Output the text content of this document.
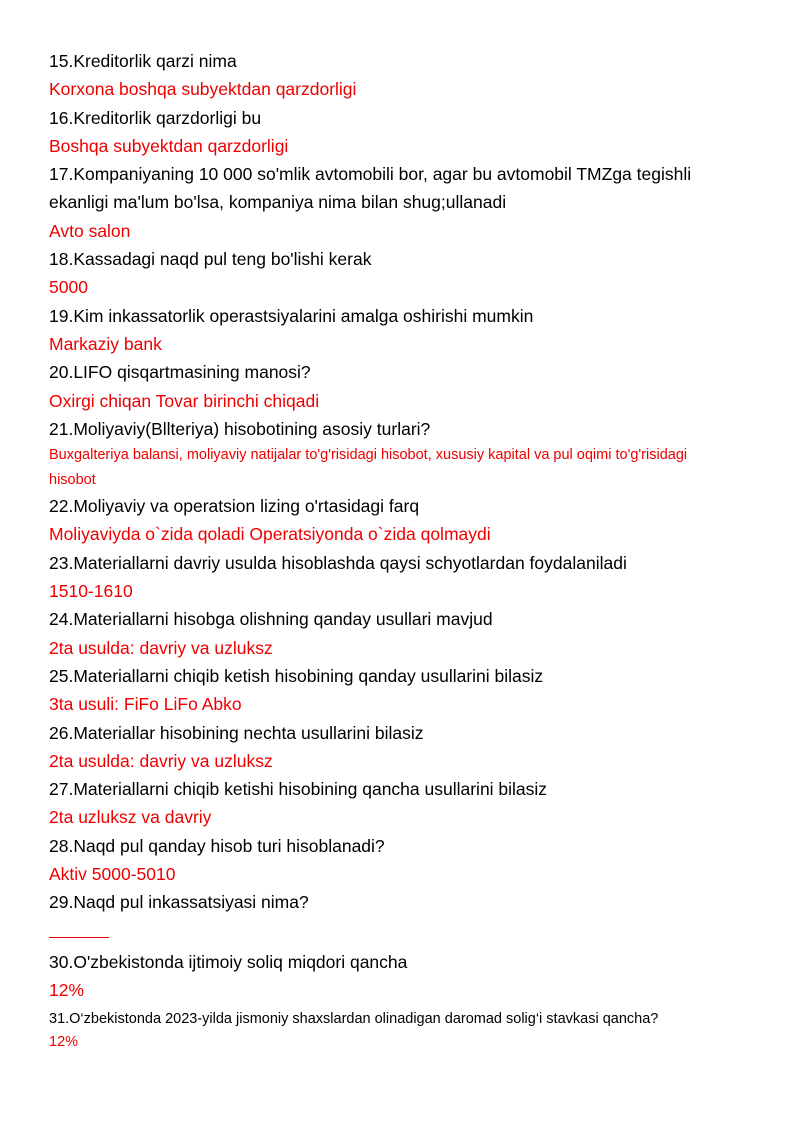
15.Kreditorlik qarzi nima
Korxona boshqa subyektdan qarzdorligi
16.Kreditorlik qarzdorligi bu
Boshqa subyektdan qarzdorligi
17.Kompaniyaning 10 000 so'mlik avtomobili bor, agar bu avtomobil TMZga tegishli ekanligi ma'lum bo'lsa, kompaniya nima bilan shug;ullanadi
Avto salon
18.Kassadagi naqd pul teng bo'lishi kerak
5000
19.Kim inkassatorlik operastsiyalarini amalga oshirishi mumkin
Markaziy bank
20.LIFO qisqartmasining manosi?
Oxirgi chiqan Tovar birinchi chiqadi
21.Moliyaviy(Bllteriya) hisobotining asosiy turlari?
Buxgalteriya balansi, moliyaviy natijalar to'g'risidagi hisobot, xususiy kapital va pul oqimi to'g'risidagi hisobot
22.Moliyaviy va operatsion lizing o'rtasidagi farq
Moliyaviyda o`zida qoladi Operatsiyonda o`zida qolmaydi
23.Materiallarni davriy usulda hisoblashda qaysi schyotlardan foydalaniladi
1510-1610
24.Materiallarni hisobga olishning qanday usullari mavjud
2ta usulda: davriy va uzluksz
25.Materiallarni chiqib ketish hisobining qanday usullarini bilasiz
3ta usuli: FiFo LiFo Abko
26.Materiallar hisobining nechta usullarini bilasiz
2ta usulda: davriy va uzluksz
27.Materiallarni chiqib ketishi hisobining qancha usullarini bilasiz
2ta uzluksz va davriy
28.Naqd pul qanday hisob turi hisoblanadi?
Aktiv 5000-5010
29.Naqd pul inkassatsiyasi nima?
30.O'zbekistonda ijtimoiy soliq miqdori qancha
12%
31.O‘zbekistonda 2023-yilda jismoniy shaxslardan olinadigan daromad solig‘i stavkasi qancha?
12%
